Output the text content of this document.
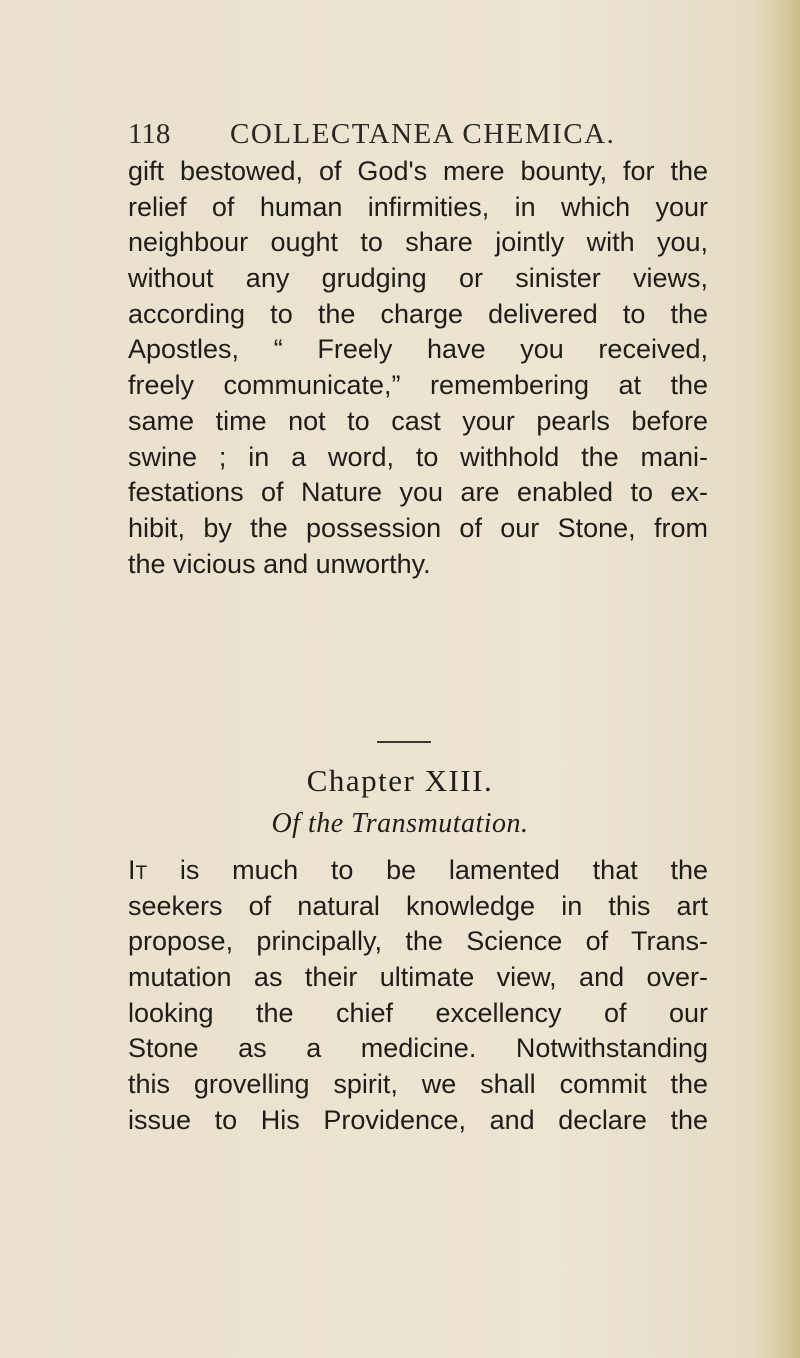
118 COLLECTANEA CHEMICA.
gift bestowed, of God's mere bounty, for the
relief of human infirmities, in which your
neighbour ought to share jointly with you,
without any grudging or sinister views,
according to the charge delivered to the
Apostles, “ Freely have you received,
freely communicate,” remembering at the
same time not to cast your pearls before
swine ; in a word, to withhold the mani-
festations of Nature you are enabled to ex-
hibit, by the possession of our Stone, from
the vicious and unworthy.
Chapter XIII.
Of the Transmutation.
It is much to be lamented that the
seekers of natural knowledge in this art
propose, principally, the Science of Trans-
mutation as their ultimate view, and over-
looking the chief excellency of our
Stone as a medicine. Notwithstanding
this grovelling spirit, we shall commit the
issue to His Providence, and declare the
